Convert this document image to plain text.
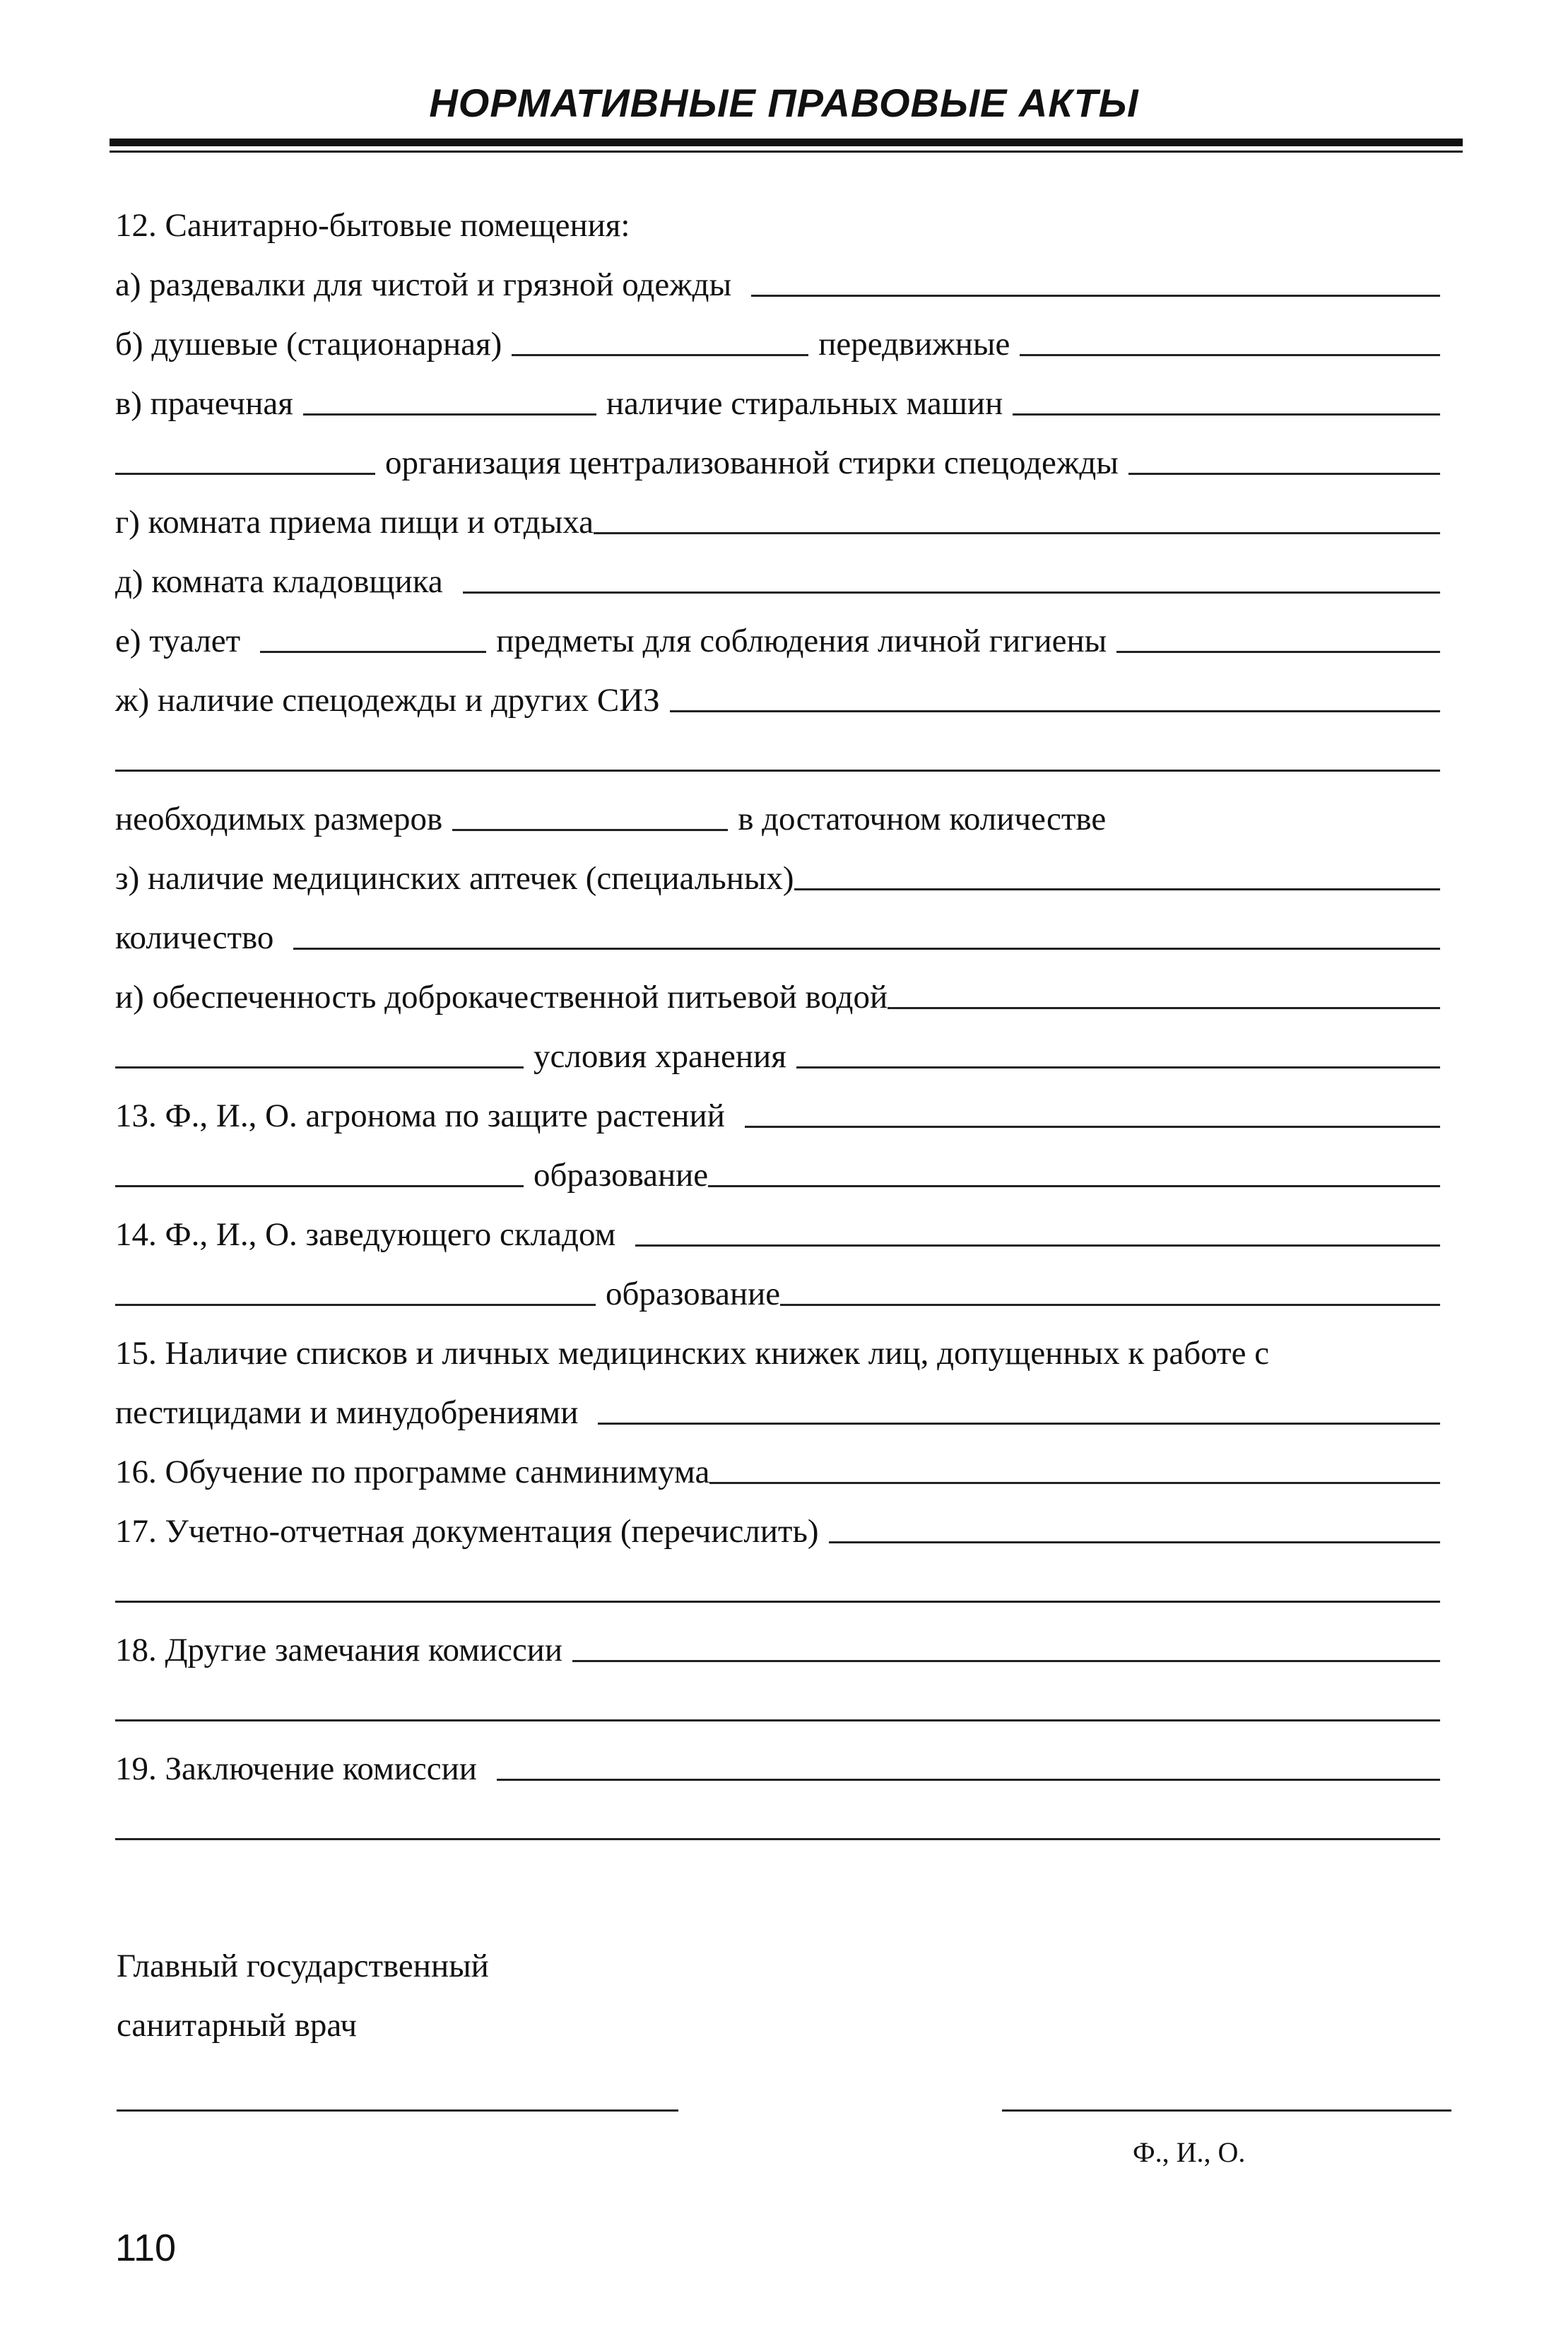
НОРМАТИВНЫЕ ПРАВОВЫЕ АКТЫ
12. Санитарно-бытовые помещения:
а) раздевалки для чистой и грязной одежды
б) душевые (стационарная)	передвижные
в) прачечная	наличие стиральных машин
организация централизованной стирки спецодежды
г) комната приема пищи и отдыха
д) комната кладовщика
е) туалет	предметы для соблюдения личной гигиены
ж) наличие спецодежды и других СИЗ
необходимых размеров	в достаточном количестве
з) наличие медицинских аптечек (специальных)
количество
и) обеспеченность доброкачественной питьевой водой
условия хранения
13. Ф., И., О. агронома по защите растений
образование
14. Ф., И., О. заведующего складом
образование
15. Наличие списков и личных медицинских книжек лиц, допущенных к работе с
пестицидами и минудобрениями
16. Обучение по программе санминимума
17. Учетно-отчетная документация (перечислить)
18. Другие замечания комиссии
19. Заключение комиссии
Главный государственный
санитарный врач
Ф., И., О.
110
